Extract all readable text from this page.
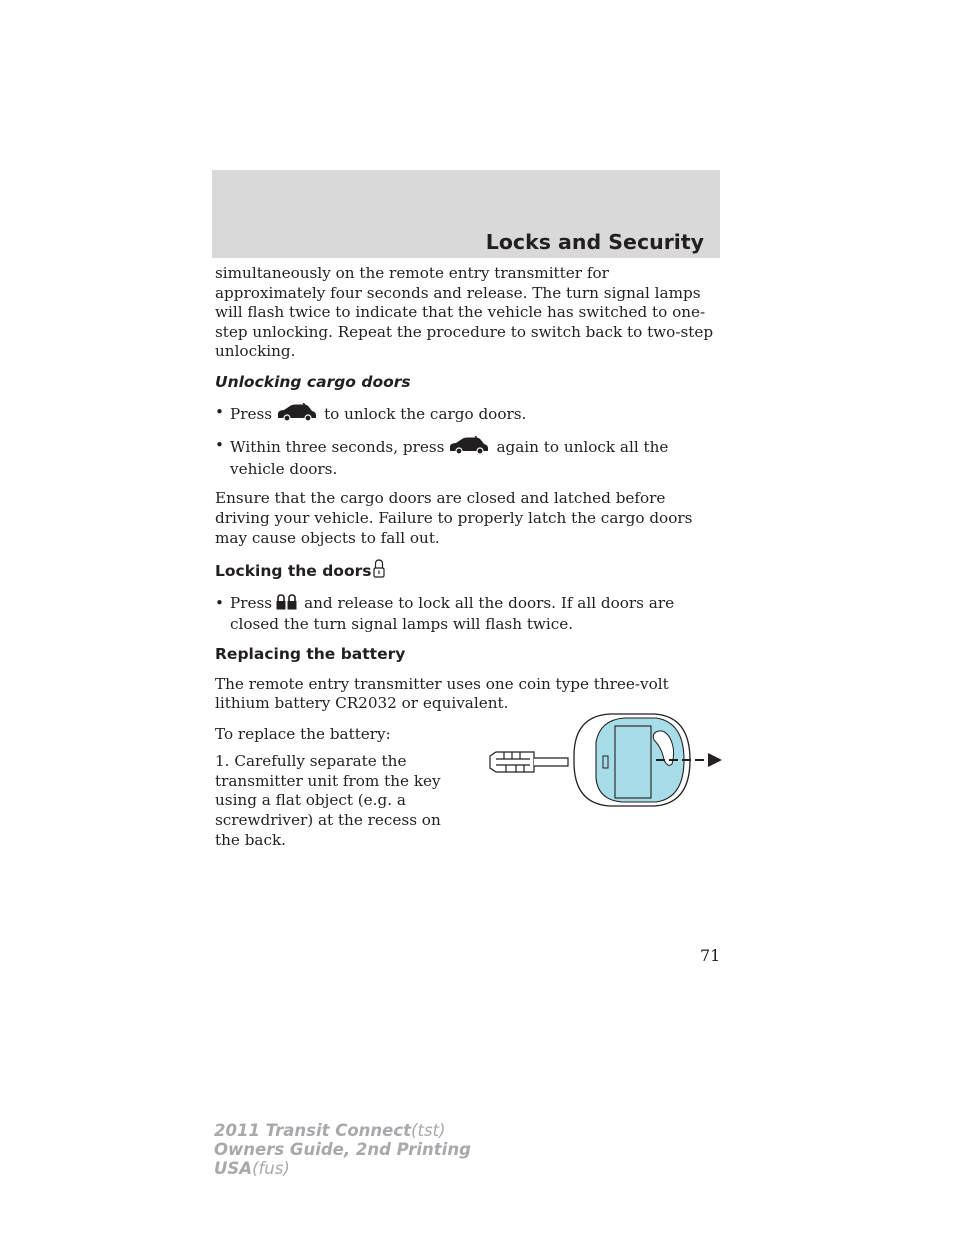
Locks and Security

simultaneously on the remote entry transmitter for approximately four seconds and release. The turn signal lamps will flash twice to indicate that the vehicle has switched to one-step unlocking. Repeat the procedure to switch back to two-step unlocking.

Unlocking cargo doors
• Press	to unlock the cargo doors.
• Within three seconds, press	again to unlock all the vehicle doors.

Ensure that the cargo doors are closed and latched before driving your vehicle. Failure to properly latch the cargo doors may cause objects to fall out.

Locking the doors
• Press and release to lock all the doors. If all doors are closed the turn signal lamps will flash twice.
Replacing the battery

The remote entry transmitter uses one coin type three-volt lithium battery CR2032 or equivalent.

To replace the battery:

1. Carefully separate the transmitter unit from the key using a flat object (e.g. a screwdriver) at the recess on the back.

71
2011 Transit Connect(tst)
Owners Guide, 2nd Printing
USA(fus)
